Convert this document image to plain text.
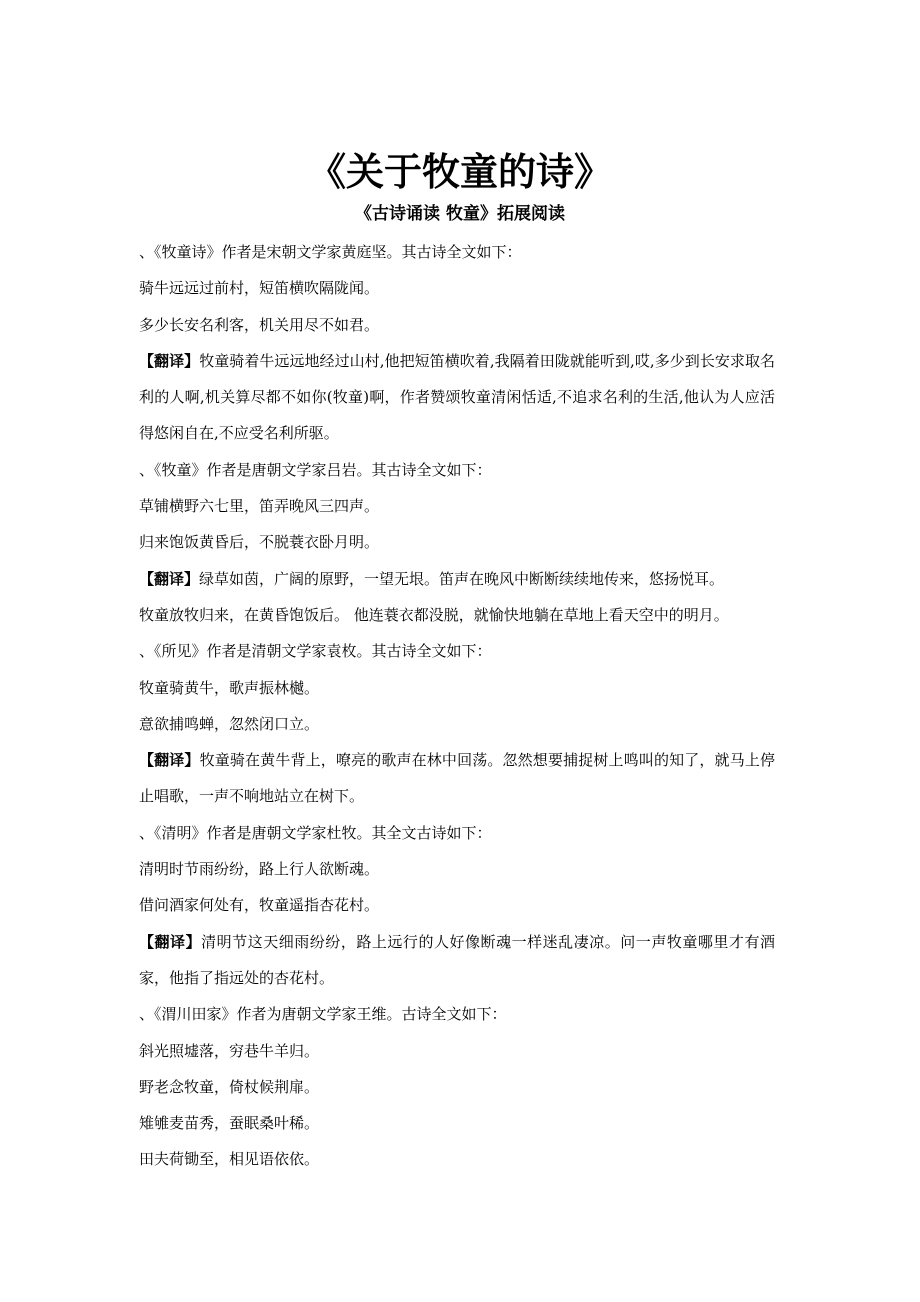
《关于牧童的诗》
《古诗诵读 牧童》拓展阅读

、《牧童诗》作者是宋朝文学家黄庭坚。其古诗全文如下：

骑牛远远过前村，短笛横吹隔陇闻。

多少长安名利客，机关用尽不如君。

【翻译】牧童骑着牛远远地经过山村,他把短笛横吹着,我隔着田陇就能听到,哎,多少到长安求取名利的人啊,机关算尽都不如你(牧童)啊，作者赞颂牧童清闲恬适,不追求名利的生活,他认为人应活得悠闲自在,不应受名利所驱。

、《牧童》作者是唐朝文学家吕岩。其古诗全文如下：

草铺横野六七里，笛弄晚风三四声。

归来饱饭黄昏后，不脱蓑衣卧月明。

【翻译】绿草如茵，广阔的原野，一望无垠。笛声在晚风中断断续续地传来，悠扬悦耳。

牧童放牧归来，在黄昏饱饭后。 他连蓑衣都没脱，就愉快地躺在草地上看天空中的明月。

、《所见》作者是清朝文学家袁枚。其古诗全文如下：

牧童骑黄牛，歌声振林樾。

意欲捕鸣蝉，忽然闭口立。

【翻译】牧童骑在黄牛背上，嘹亮的歌声在林中回荡。忽然想要捕捉树上鸣叫的知了，就马上停止唱歌，一声不响地站立在树下。

、《清明》作者是唐朝文学家杜牧。其全文古诗如下：

清明时节雨纷纷，路上行人欲断魂。

借问酒家何处有，牧童遥指杏花村。

【翻译】清明节这天细雨纷纷，路上远行的人好像断魂一样迷乱凄凉。问一声牧童哪里才有酒家，他指了指远处的杏花村。

、《渭川田家》作者为唐朝文学家王维。古诗全文如下：

斜光照墟落，穷巷牛羊归。

野老念牧童，倚杖候荆扉。

雉雊麦苗秀，蚕眠桑叶稀。

田夫荷锄至，相见语依依。
